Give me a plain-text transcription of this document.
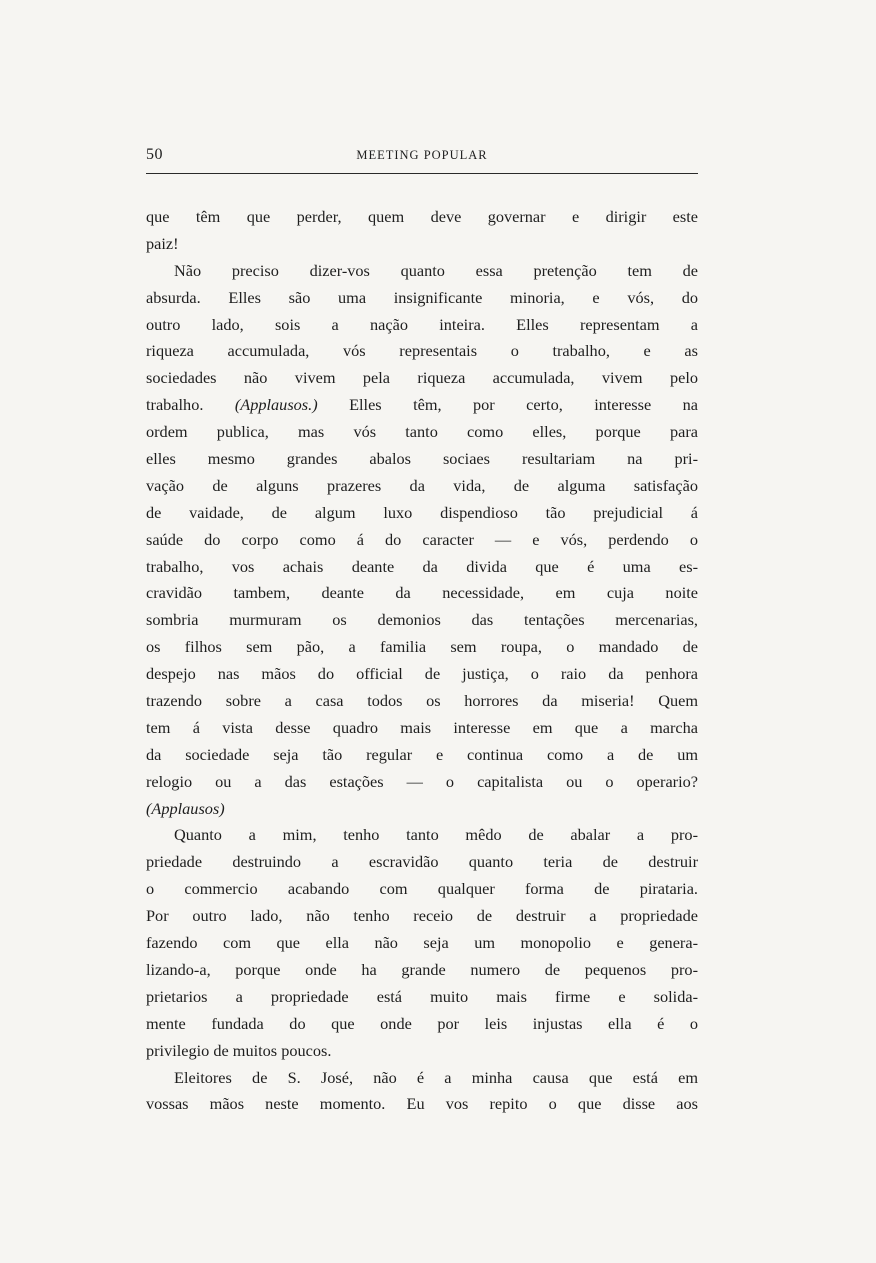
50	MEETING POPULAR
que têm que perder, quem deve governar e dirigir este
paiz!
Não preciso dizer-vos quanto essa pretenção tem de
absurda. Elles são uma insignificante minoria, e vós, do
outro lado, sois a nação inteira. Elles representam a
riqueza accumulada, vós representais o trabalho, e as
sociedades não vivem pela riqueza accumulada, vivem pelo
trabalho. (Applausos.) Elles têm, por certo, interesse na
ordem publica, mas vós tanto como elles, porque para
elles mesmo grandes abalos sociaes resultariam na pri-
vação de alguns prazeres da vida, de alguma satisfação
de vaidade, de algum luxo dispendioso tão prejudicial á
saúde do corpo como á do caracter — e vós, perdendo o
trabalho, vos achais deante da divida que é uma es-
cravidão tambem, deante da necessidade, em cuja noite
sombria murmuram os demonios das tentações mercenarias,
os filhos sem pão, a familia sem roupa, o mandado de
despejo nas mãos do official de justiça, o raio da penhora
trazendo sobre a casa todos os horrores da miseria! Quem
tem á vista desse quadro mais interesse em que a marcha
da sociedade seja tão regular e continua como a de um
relogio ou a das estações — o capitalista ou o operario?
(Applausos)
Quanto a mim, tenho tanto mêdo de abalar a pro-
priedade destruindo a escravidão quanto teria de destruir
o commercio acabando com qualquer forma de pirataria.
Por outro lado, não tenho receio de destruir a propriedade
fazendo com que ella não seja um monopolio e genera-
lizando-a, porque onde ha grande numero de pequenos pro-
prietarios a propriedade está muito mais firme e solida-
mente fundada do que onde por leis injustas ella é o
privilegio de muitos poucos.
Eleitores de S. José, não é a minha causa que está em
vossas mãos neste momento. Eu vos repito o que disse aos
